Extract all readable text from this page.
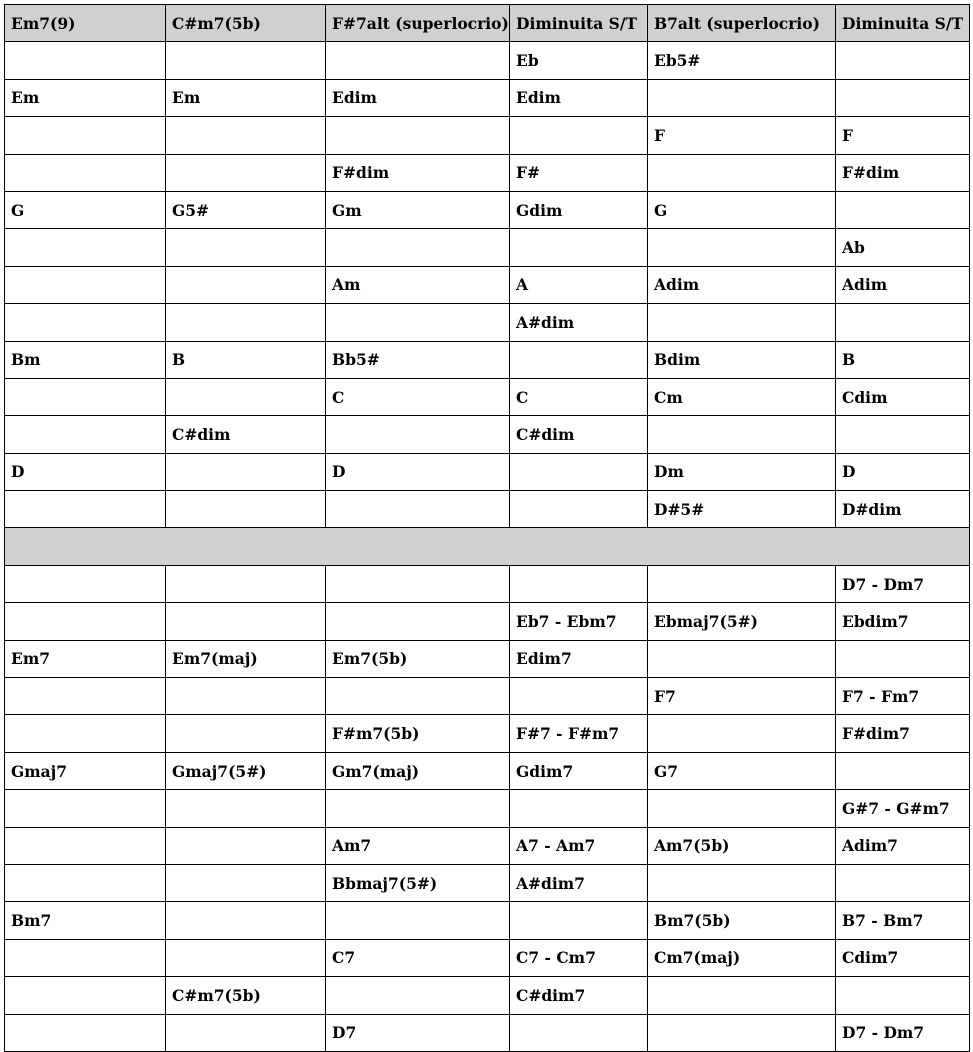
Em7(9)	C#m7(5b)	F#7alt (superlocrio)	Diminuita S/T	B7alt (superlocrio)	Diminuita S/T
			Eb	Eb5#	
Em	Em	Edim	Edim		
				F	F
		F#dim	F#		F#dim
G	G5#	Gm	Gdim	G	
					Ab
		Am	A	Adim	Adim
			A#dim		
Bm	B	Bb5#		Bdim	B
		C	C	Cm	Cdim
	C#dim		C#dim		
D		D		Dm	D
				D#5#	D#dim

					D7 - Dm7
			Eb7 - Ebm7	Ebmaj7(5#)	Ebdim7
Em7	Em7(maj)	Em7(5b)	Edim7		
				F7	F7 - Fm7
		F#m7(5b)	F#7 - F#m7		F#dim7
Gmaj7	Gmaj7(5#)	Gm7(maj)	Gdim7	G7	
					G#7 - G#m7
		Am7	A7 - Am7	Am7(5b)	Adim7
		Bbmaj7(5#)	A#dim7		
Bm7				Bm7(5b)	B7 - Bm7
		C7	C7 - Cm7	Cm7(maj)	Cdim7
	C#m7(5b)		C#dim7		
		D7			D7 - Dm7
